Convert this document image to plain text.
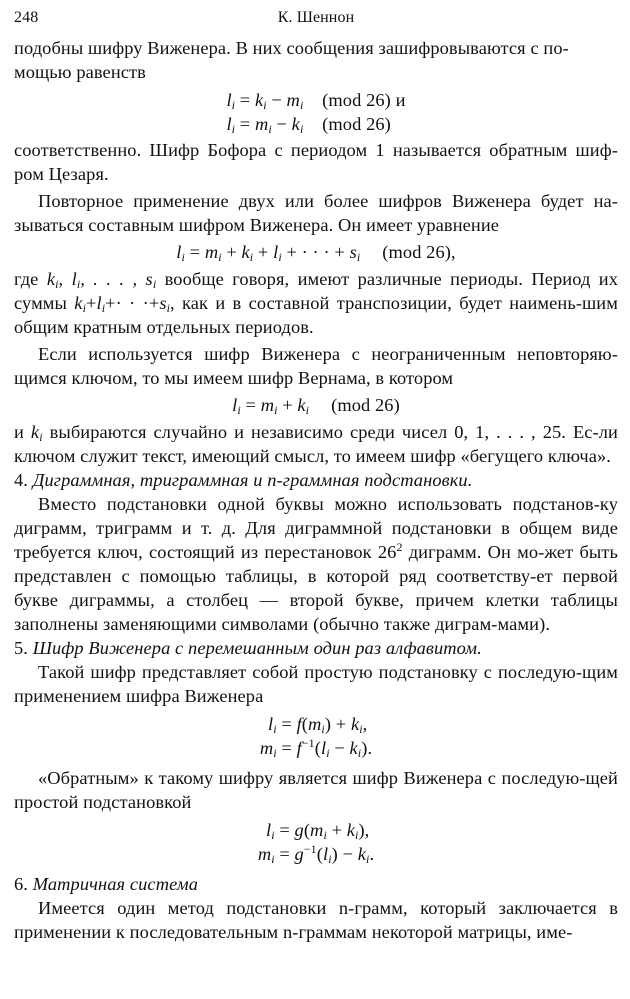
248	К. Шеннон

подобны шифру Виженера. В них сообщения зашифровываются с по-
мощью равенств

$l_i = k_i - m_i$	(mod 26) и
$l_i = m_i - k_i$	(mod 26)

соответственно. Шифр Бофора с периодом 1 называется обратным шиф-ром Цезаря.

Повторное применение двух или более шифров Виженера будет на-зываться составным шифром Виженера. Он имеет уравнение

$l_i = m_i + k_i + l_i$ + · · · + $s_i$ (mod 26),

где $k_i$, $l_i$, . . . , $s_i$ вообще говоря, имеют различные периоды. Период их суммы $k_i+l_i+\cdot \cdot \cdot+s_i$, как и в составной транспозиции, будет наимень-шим общим кратным отдельных периодов.

Если используется шифр Виженера с неограниченным неповторяю-щимся ключом, то мы имеем шифр Вернама, в котором

$l_i = m_i + k_i$ (mod 26)

и $k_i$ выбираются случайно и независимо среди чисел 0, 1, . . . , 25. Ес-ли ключом служит текст, имеющий смысл, то имеем шифр «бегущего ключа».

4. Диграммная, триграммная и n-граммная подстановки.

Вместо подстановки одной буквы можно использовать подстанов-ку диграмм, триграмм и т. д. Для диграммной подстановки в общем виде требуется ключ, состоящий из перестановок $26^2$ диграмм. Он мо-жет быть представлен с помощью таблицы, в которой ряд соответству-ет первой букве диграммы, а столбец — второй букве, причем клетки таблицы заполнены заменяющими символами (обычно также диграм-мами).

5. Шифр Виженера с перемешанным один раз алфавитом.

Такой шифр представляет собой простую подстановку с последую-щим применением шифра Виженера

$l_i = f(m_i) + k_i$,
$m_i = f^{-1}(l_i - k_i)$.

«Обратным» к такому шифру является шифр Виженера с последую-щей простой подстановкой

$l_i = g(m_i + k_i)$,
$m_i = g^{-1}(l_i) - k_i$.

6. Матричная система

Имеется один метод подстановки n-грамм, который заключается в применении к последовательным n-граммам некоторой матрицы, име-
